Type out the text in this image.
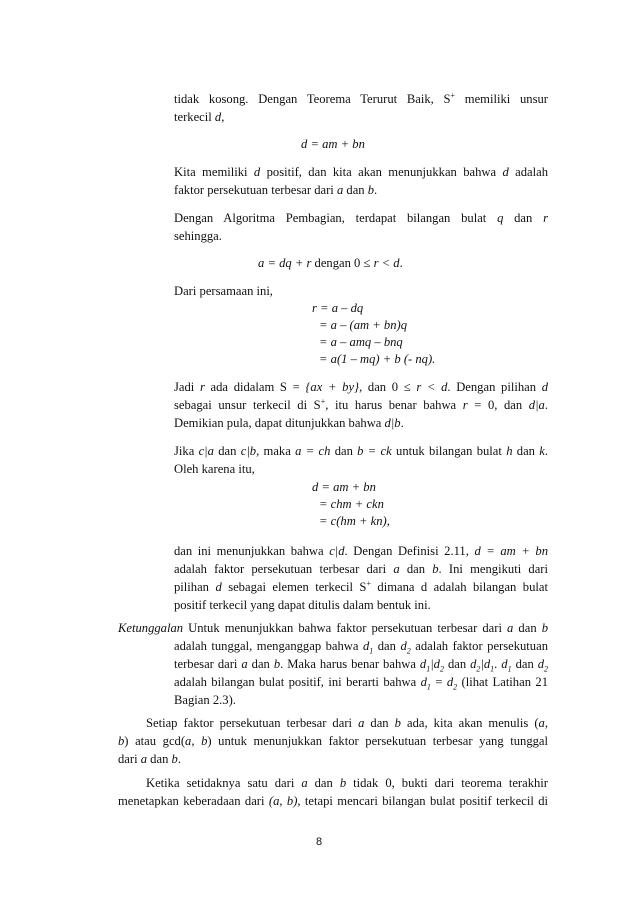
tidak kosong. Dengan Teorema Terurut Baik, S+ memiliki unsur
terkecil d,
d = am + bn
Kita memiliki d positif, dan kita akan menunjukkan bahwa d adalah
faktor persekutuan terbesar dari a dan b.
Dengan Algoritma Pembagian, terdapat bilangan bulat q dan r
sehingga.
a = dq + r dengan 0 ≤ r < d.
Dari persamaan ini,
r = a – dq
= a – (am + bn)q
= a – amq – bnq
= a(1 – mq) + b (- nq).
Jadi r ada didalam S = {ax + by}, dan 0 ≤ r < d. Dengan pilihan d
sebagai unsur terkecil di S+, itu harus benar bahwa r = 0, dan d|a.
Demikian pula, dapat ditunjukkan bahwa d|b.
Jika c|a dan c|b, maka a = ch dan b = ck untuk bilangan bulat h dan k.
Oleh karena itu,
d = am + bn
= chm + ckn
= c(hm + kn),
dan ini menunjukkan bahwa c|d. Dengan Definisi 2.11, d = am + bn
adalah faktor persekutuan terbesar dari a dan b. Ini mengikuti dari
pilihan d sebagai elemen terkecil S+ dimana d adalah bilangan bulat
positif terkecil yang dapat ditulis dalam bentuk ini.
Ketunggalan Untuk menunjukkan bahwa faktor persekutuan terbesar dari a dan b
adalah tunggal, menganggap bahwa $d_1$ dan $d_2$ adalah faktor persekutuan
terbesar dari a dan b. Maka harus benar bahwa $d_1|d_2$ dan $d_2|d_1$. $d_1$ dan $d_2$
adalah bilangan bulat positif, ini berarti bahwa $d_1 = d_2$ (lihat Latihan 21
Bagian 2.3).
Setiap faktor persekutuan terbesar dari a dan b ada, kita akan menulis (a,
b) atau gcd(a, b) untuk menunjukkan faktor persekutuan terbesar yang tunggal
dari a dan b.
Ketika setidaknya satu dari a dan b tidak 0, bukti dari teorema terakhir
menetapkan keberadaan dari (a, b), tetapi mencari bilangan bulat positif terkecil di
8
